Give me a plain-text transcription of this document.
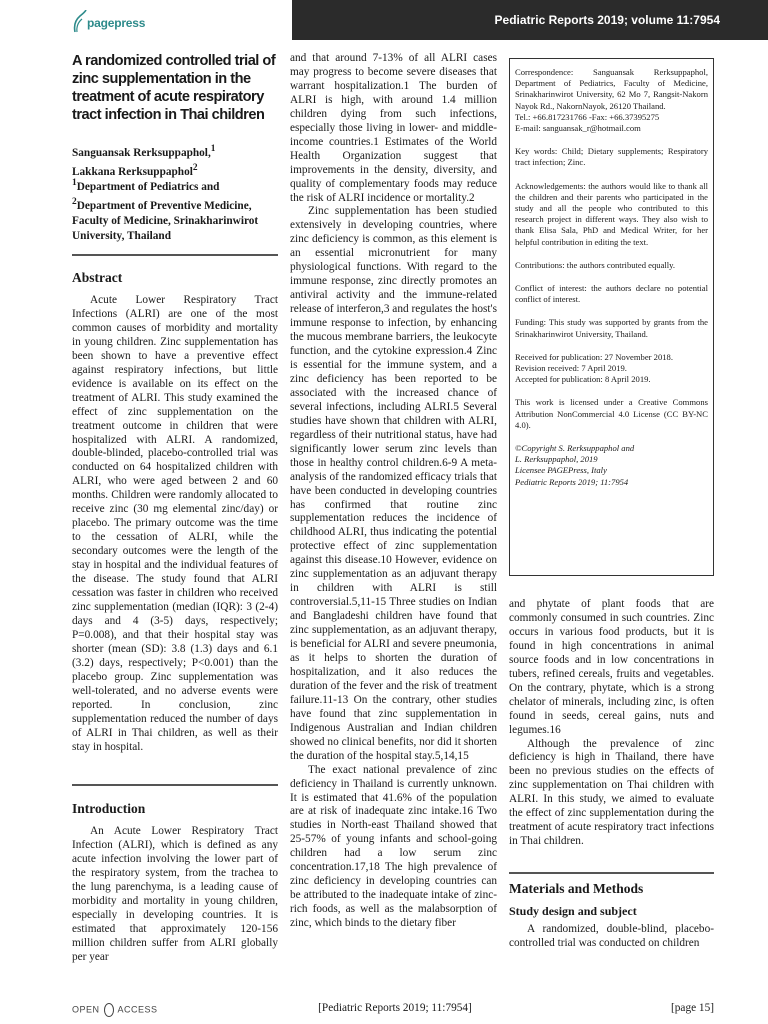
pagepress	Pediatric Reports 2019; volume 11:7954
A randomized controlled trial of zinc supplementation in the treatment of acute respiratory tract infection in Thai children
Sanguansak Rerksuppaphol,$^1$
Lakkana Rerksuppaphol$^2$
$^1$Department of Pediatrics and
$^2$Department of Preventive Medicine, Faculty of Medicine, Srinakharinwirot University, Thailand
Abstract

Acute Lower Respiratory Tract Infections (ALRI) are one of the most common causes of morbidity and mortality in young children. Zinc supplementation has been shown to have a preventive effect against respiratory infections, but little evidence is available on its effect on the treatment of ALRI. This study examined the effect of zinc supplementation on the treatment outcome in children that were hospitalized with ALRI. A randomized, double-blinded, placebo-controlled trial was conducted on 64 hospitalized children with ALRI, who were aged between 2 and 60 months. Children were randomly allocated to receive zinc (30 mg elemental zinc/day) or placebo. The primary outcome was the time to the cessation of ALRI, while the secondary outcomes were the length of the stay in hospital and the individual features of the disease. The study found that ALRI cessation was faster in children who received zinc supplementation (median (IQR): 3 (2-4) days and 4 (3-5) days, respectively; P=0.008), and that their hospital stay was shorter (mean (SD): 3.8 (1.3) days and 6.1 (3.2) days, respectively; P<0.001) than the placebo group. Zinc supplementation was well-tolerated, and no adverse events were reported. In conclusion, zinc supplementation reduced the number of days of ALRI in Thai children, as well as their stay in hospital.

Introduction

An Acute Lower Respiratory Tract Infection (ALRI), which is defined as any acute infection involving the lower part of the respiratory system, from the trachea to the lung parenchyma, is a leading cause of morbidity and mortality in young children, especially in developing countries. It is estimated that approximately 120-156 million children suffer from ALRI globally per year

and that around 7-13% of all ALRI cases may progress to become severe diseases that warrant hospitalization.1 The burden of ALRI is high, with around 1.4 million children dying from such infections, especially those living in lower- and middle-income countries.1 Estimates of the World Health Organization suggest that improvements in the density, diversity, and quality of complementary foods may reduce the risk of ALRI incidence or mortality.2

Zinc supplementation has been studied extensively in developing countries, where zinc deficiency is common, as this element is an essential micronutrient for many physiological functions. With regard to the immune response, zinc directly promotes an antiviral activity and the immune-related release of interferon,3 and regulates the host's immune response to infection, by enhancing the mucous membrane barriers, the leukocyte function, and the cytokine expression.4 Zinc is essential for the immune system, and a zinc deficiency has been reported to be associated with the increased chance of several infections, including ALRI.5 Several studies have shown that children with ALRI, regardless of their nutritional status, have had significantly lower serum zinc levels than those in healthy control children.6-9 A meta-analysis of the randomized efficacy trials that have been conducted in developing countries has confirmed that routine zinc supplementation reduces the incidence of childhood ALRI, thus indicating the potential protective effect of zinc supplementation against this disease.10 However, evidence on zinc supplementation as an adjuvant therapy in children with ALRI is still controversial.5,11-15 Three studies on Indian and Bangladeshi children have found that zinc supplementation, as an adjuvant therapy, is beneficial for ALRI and severe pneumonia, as it helps to shorten the duration of hospitalization, and it also reduces the duration of the fever and the risk of treatment failure.11-13 On the contrary, other studies have found that zinc supplementation in Indigenous Australian and Indian children showed no clinical benefits, nor did it shorten the duration of the hospital stay.5,14,15

The exact national prevalence of zinc deficiency in Thailand is currently unknown. It is estimated that 41.6% of the population are at risk of inadequate zinc intake.16 Two studies in North-east Thailand showed that 25-57% of young infants and school-going children had a low serum zinc concentration.17,18 The high prevalence of zinc deficiency in developing countries can be attributed to the inadequate intake of zinc-rich foods, as well as the malabsorption of zinc, which binds to the dietary fiber

Correspondence: Sanguansak Rerksuppaphol, Department of Pediatrics, Faculty of Medicine, Srinakharinwirot University, 62 Mo 7, Rangsit-Nakorn Nayok Rd., NakornNayok, 26120 Thailand.
Tel.: +66.817231766 -Fax: +66.37395275
E-mail: sanguansak_r@hotmail.com

Key words: Child; Dietary supplements; Respiratory tract infection; Zinc.

Acknowledgements: the authors would like to thank all the children and their parents who participated in the study and all the people who contributed to this research project in different ways. They also wish to thank Elisa Sala, PhD and Medical Writer, for her helpful contribution in editing the text.

Contributions: the authors contributed equally.

Conflict of interest: the authors declare no potential conflict of interest.

Funding: This study was supported by grants from the Srinakharinwirot University, Thailand.

Received for publication: 27 November 2018.
Revision received: 7 April 2019.
Accepted for publication: 8 April 2019.

This work is licensed under a Creative Commons Attribution NonCommercial 4.0 License (CC BY-NC 4.0).

©Copyright S. Rerksuppaphol and
L. Rerksuppaphol, 2019
Licensee PAGEPress, Italy
Pediatric Reports 2019; 11:7954

and phytate of plant foods that are commonly consumed in such countries. Zinc occurs in various food products, but it is found in high concentrations in animal source foods and in low concentrations in tubers, refined cereals, fruits and vegetables. On the contrary, phytate, which is a strong chelator of minerals, including zinc, is often found in seeds, cereal gains, nuts and legumes.16

Although the prevalence of zinc deficiency is high in Thailand, there have been no previous studies on the effects of zinc supplementation on Thai children with ALRI. In this study, we aimed to evaluate the effect of zinc supplementation during the treatment of acute respiratory tract infections in Thai children.

Materials and Methods
Study design and subject

A randomized, double-blind, placebo-controlled trial was conducted on children

OPEN ACCESS	[Pediatric Reports 2019; 11:7954]	[page 15]
